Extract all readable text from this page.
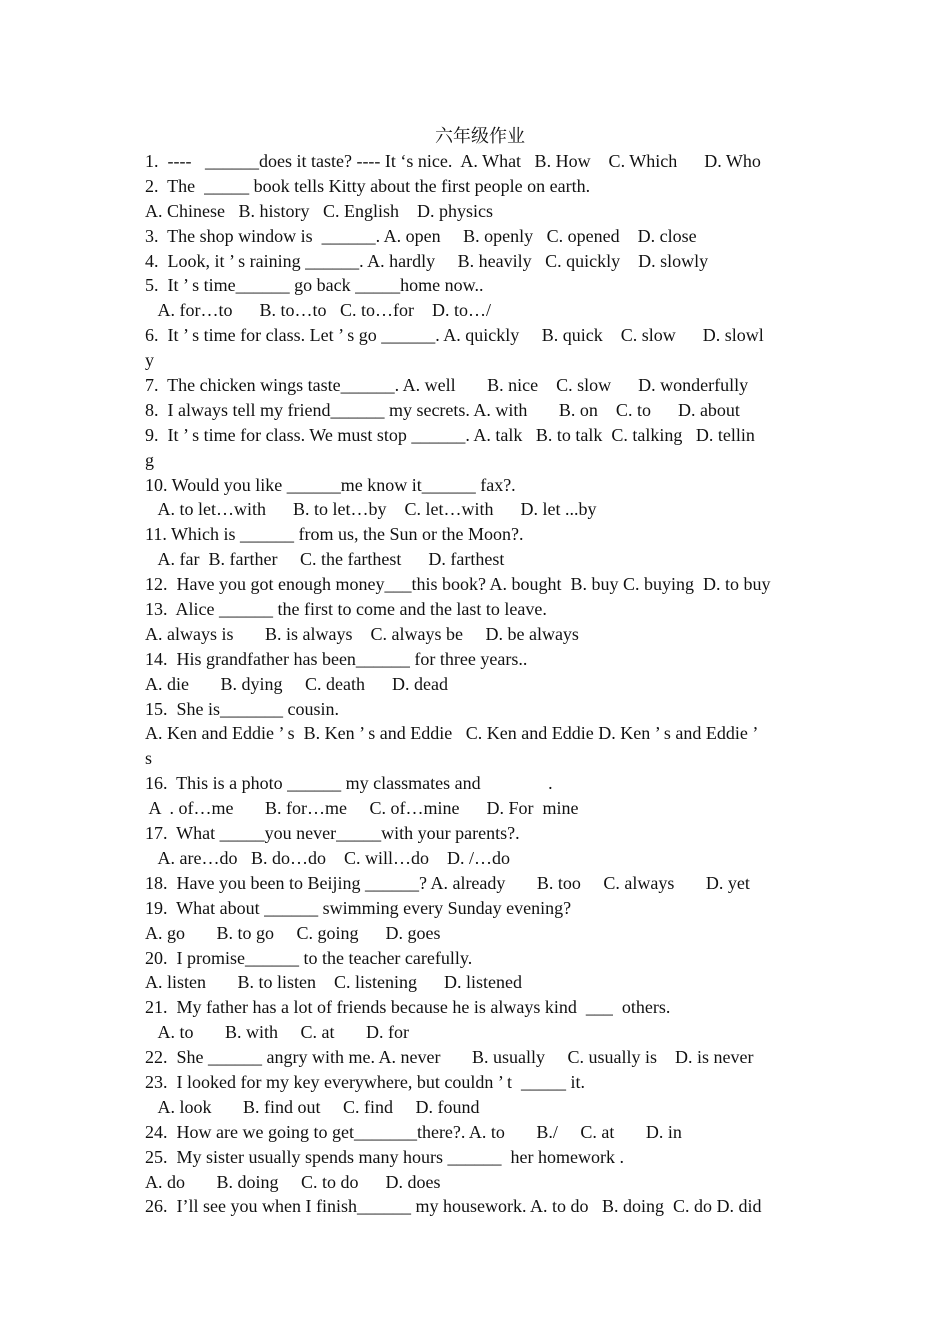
六年级作业
1.  ----   ______does it taste? ---- It ‘s nice.  A. What   B. How    C. Which      D. Who
2.  The  _____ book tells Kitty about the first people on earth.
A. Chinese   B. history   C. English    D. physics
3.  The shop window is  ______. A. open     B. openly   C. opened    D. close
4.  Look, it ’ s raining ______. A. hardly     B. heavily   C. quickly    D. slowly
5.  It ’ s time______ go back _____home now..
A. for…to      B. to…to   C. to…for    D. to…/
6.  It ’ s time for class. Let ’ s go ______. A. quickly     B. quick    C. slow      D. slowl
y
7.  The chicken wings taste______. A. well       B. nice    C. slow      D. wonderfully
8.  I always tell my friend______ my secrets. A. with       B. on    C. to      D. about
9.  It ’ s time for class. We must stop ______. A. talk   B. to talk  C. talking   D. tellin
g
10. Would you like ______me know it______ fax?.
A. to let…with      B. to let…by    C. let…with      D. let ...by
11. Which is ______ from us, the Sun or the Moon?.
A. far  B. farther     C. the farthest      D. farthest
12.  Have you got enough money___this book? A. bought  B. buy C. buying  D. to buy
13.  Alice ______ the first to come and the last to leave.
A. always is       B. is always    C. always be     D. be always
14.  His grandfather has been______ for three years..
A. die       B. dying     C. death      D. dead
15.  She is_______ cousin.
A. Ken and Eddie ’ s  B. Ken ’ s and Eddie   C. Ken and Eddie D. Ken ’ s and Eddie ’
s
16.  This is a photo ______ my classmates and               .
A  . of…me       B. for…me     C. of…mine      D. For  mine
17.  What _____you never_____with your parents?.
A. are…do   B. do…do    C. will…do    D. /…do
18.  Have you been to Beijing ______? A. already       B. too     C. always       D. yet
19.  What about ______ swimming every Sunday evening?
A. go       B. to go     C. going      D. goes
20.  I promise______ to the teacher carefully.
A. listen       B. to listen    C. listening      D. listened
21.  My father has a lot of friends because he is always kind  ___  others.
A. to       B. with     C. at       D. for
22.  She ______ angry with me. A. never       B. usually     C. usually is    D. is never
23.  I looked for my key everywhere, but couldn ’ t  _____ it.
A. look       B. find out     C. find     D. found
24.  How are we going to get_______there?. A. to       B./     C. at       D. in
25.  My sister usually spends many hours ______  her homework .
A. do       B. doing     C. to do      D. does
26.  I’ll see you when I finish______ my housework. A. to do   B. doing  C. do D. did
